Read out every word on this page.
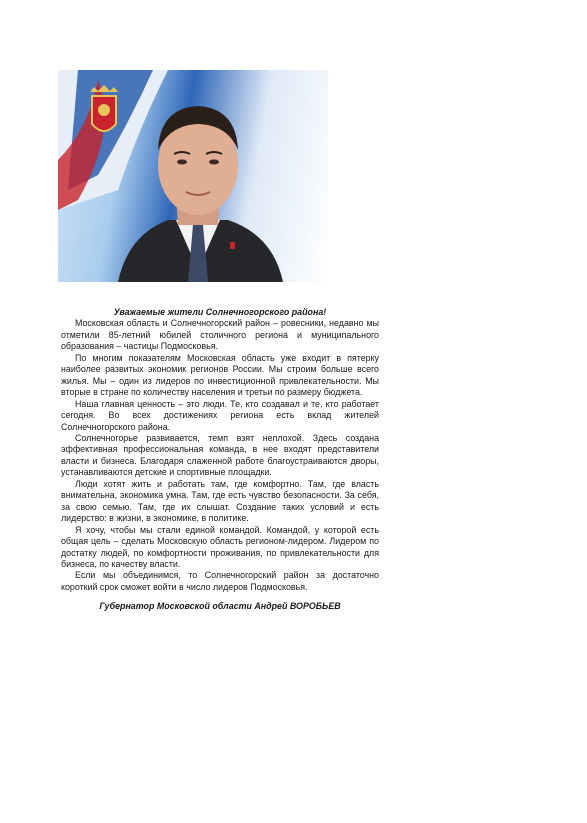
Уважаемые жители Солнечногорского района!

Московская область и Солнечногорский район – ровесники, недавно мы отметили 85-летний юбилей столичного региона и муниципального образования – частицы Подмосковья.

По многим показателям Московская область уже входит в пятерку наиболее развитых экономик регионов России. Мы строим больше всего жилья. Мы – один из лидеров по инвестиционной привлекательности. Мы вторые в стране по количеству населения и третьи по размеру бюджета.

Наша главная ценность – это люди. Те, кто создавал и те, кто работает сегодня. Во всех достижениях региона есть вклад жителей Солнечногорского района.

Солнечногорье развивается, темп взят неплохой. Здесь создана эффективная профессиональная команда, в нее входят представители власти и бизнеса. Благодаря слаженной работе благоустраиваются дворы, устанавливаются детские и спортивные площадки.

Люди хотят жить и работать там, где комфортно. Там, где власть внимательна, экономика умна. Там, где есть чувство безопасности. За себя, за свою семью. Там, где их слышат. Создание таких условий и есть лидерство: в жизни, в экономике, в политике.

Я хочу, чтобы мы стали единой командой. Командой, у которой есть общая цель – сделать Московскую область регионом-лидером. Лидером по достатку людей, по комфортности проживания, по привлекательности для бизнеса, по качеству власти.

Если мы объединимся, то Солнечногорский район за достаточно короткий срок сможет войти в число лидеров Подмосковья.

Губернатор Московской области Андрей ВОРОБЬЕВ
